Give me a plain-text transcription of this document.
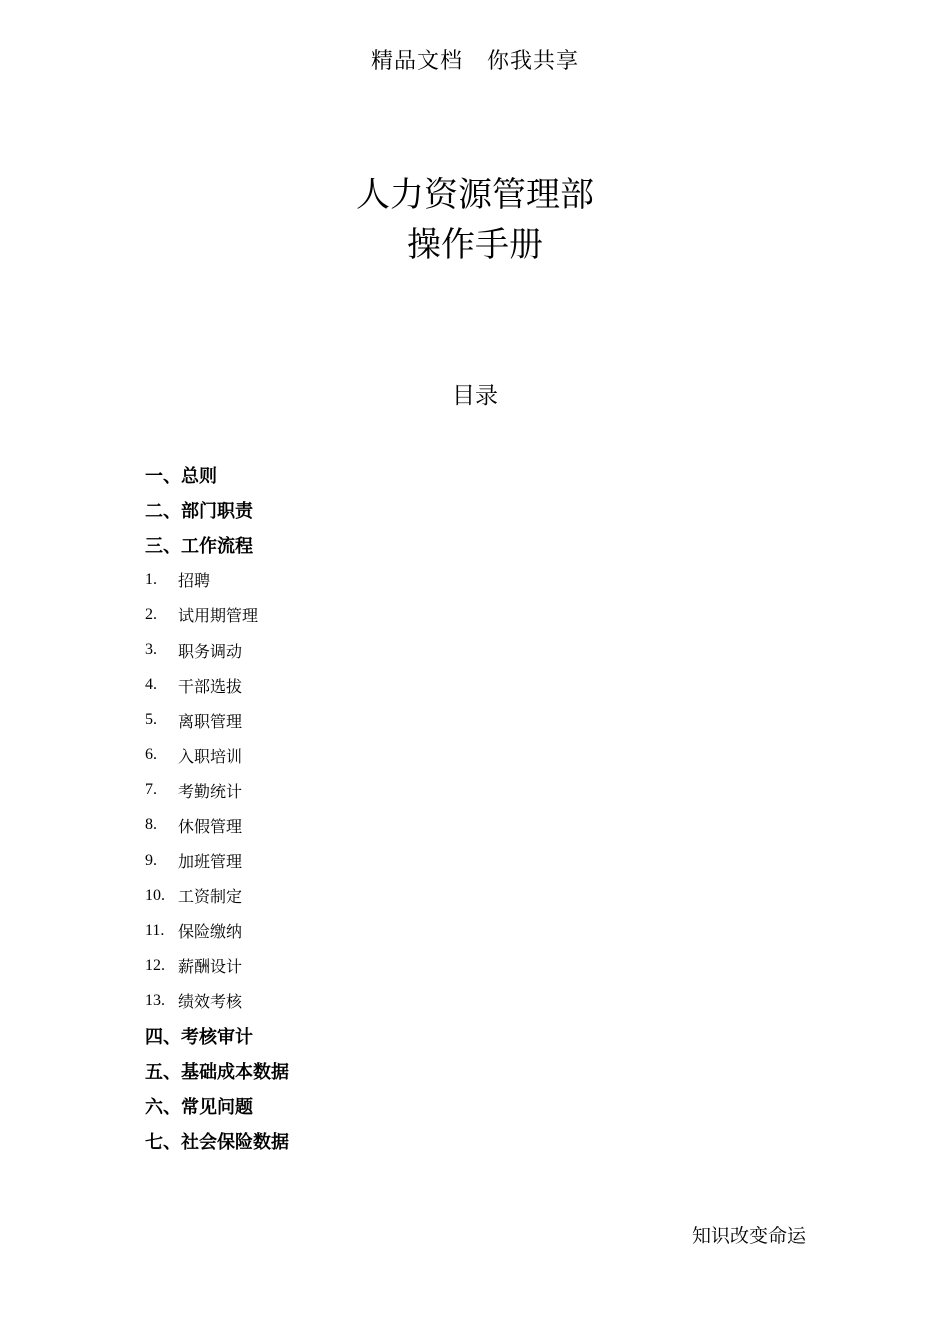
精品文档 你我共享
人力资源管理部
操作手册
目录
一、总则
二、部门职责
三、工作流程
1.	招聘
2.	试用期管理
3.	职务调动
4.	干部选拔
5.	离职管理
6.	入职培训
7.	考勤统计
8.	休假管理
9.	加班管理
10. 工资制定
11. 保险缴纳
12. 薪酬设计
13. 绩效考核
四、考核审计
五、基础成本数据
六、常见问题
七、社会保险数据
知识改变命运
